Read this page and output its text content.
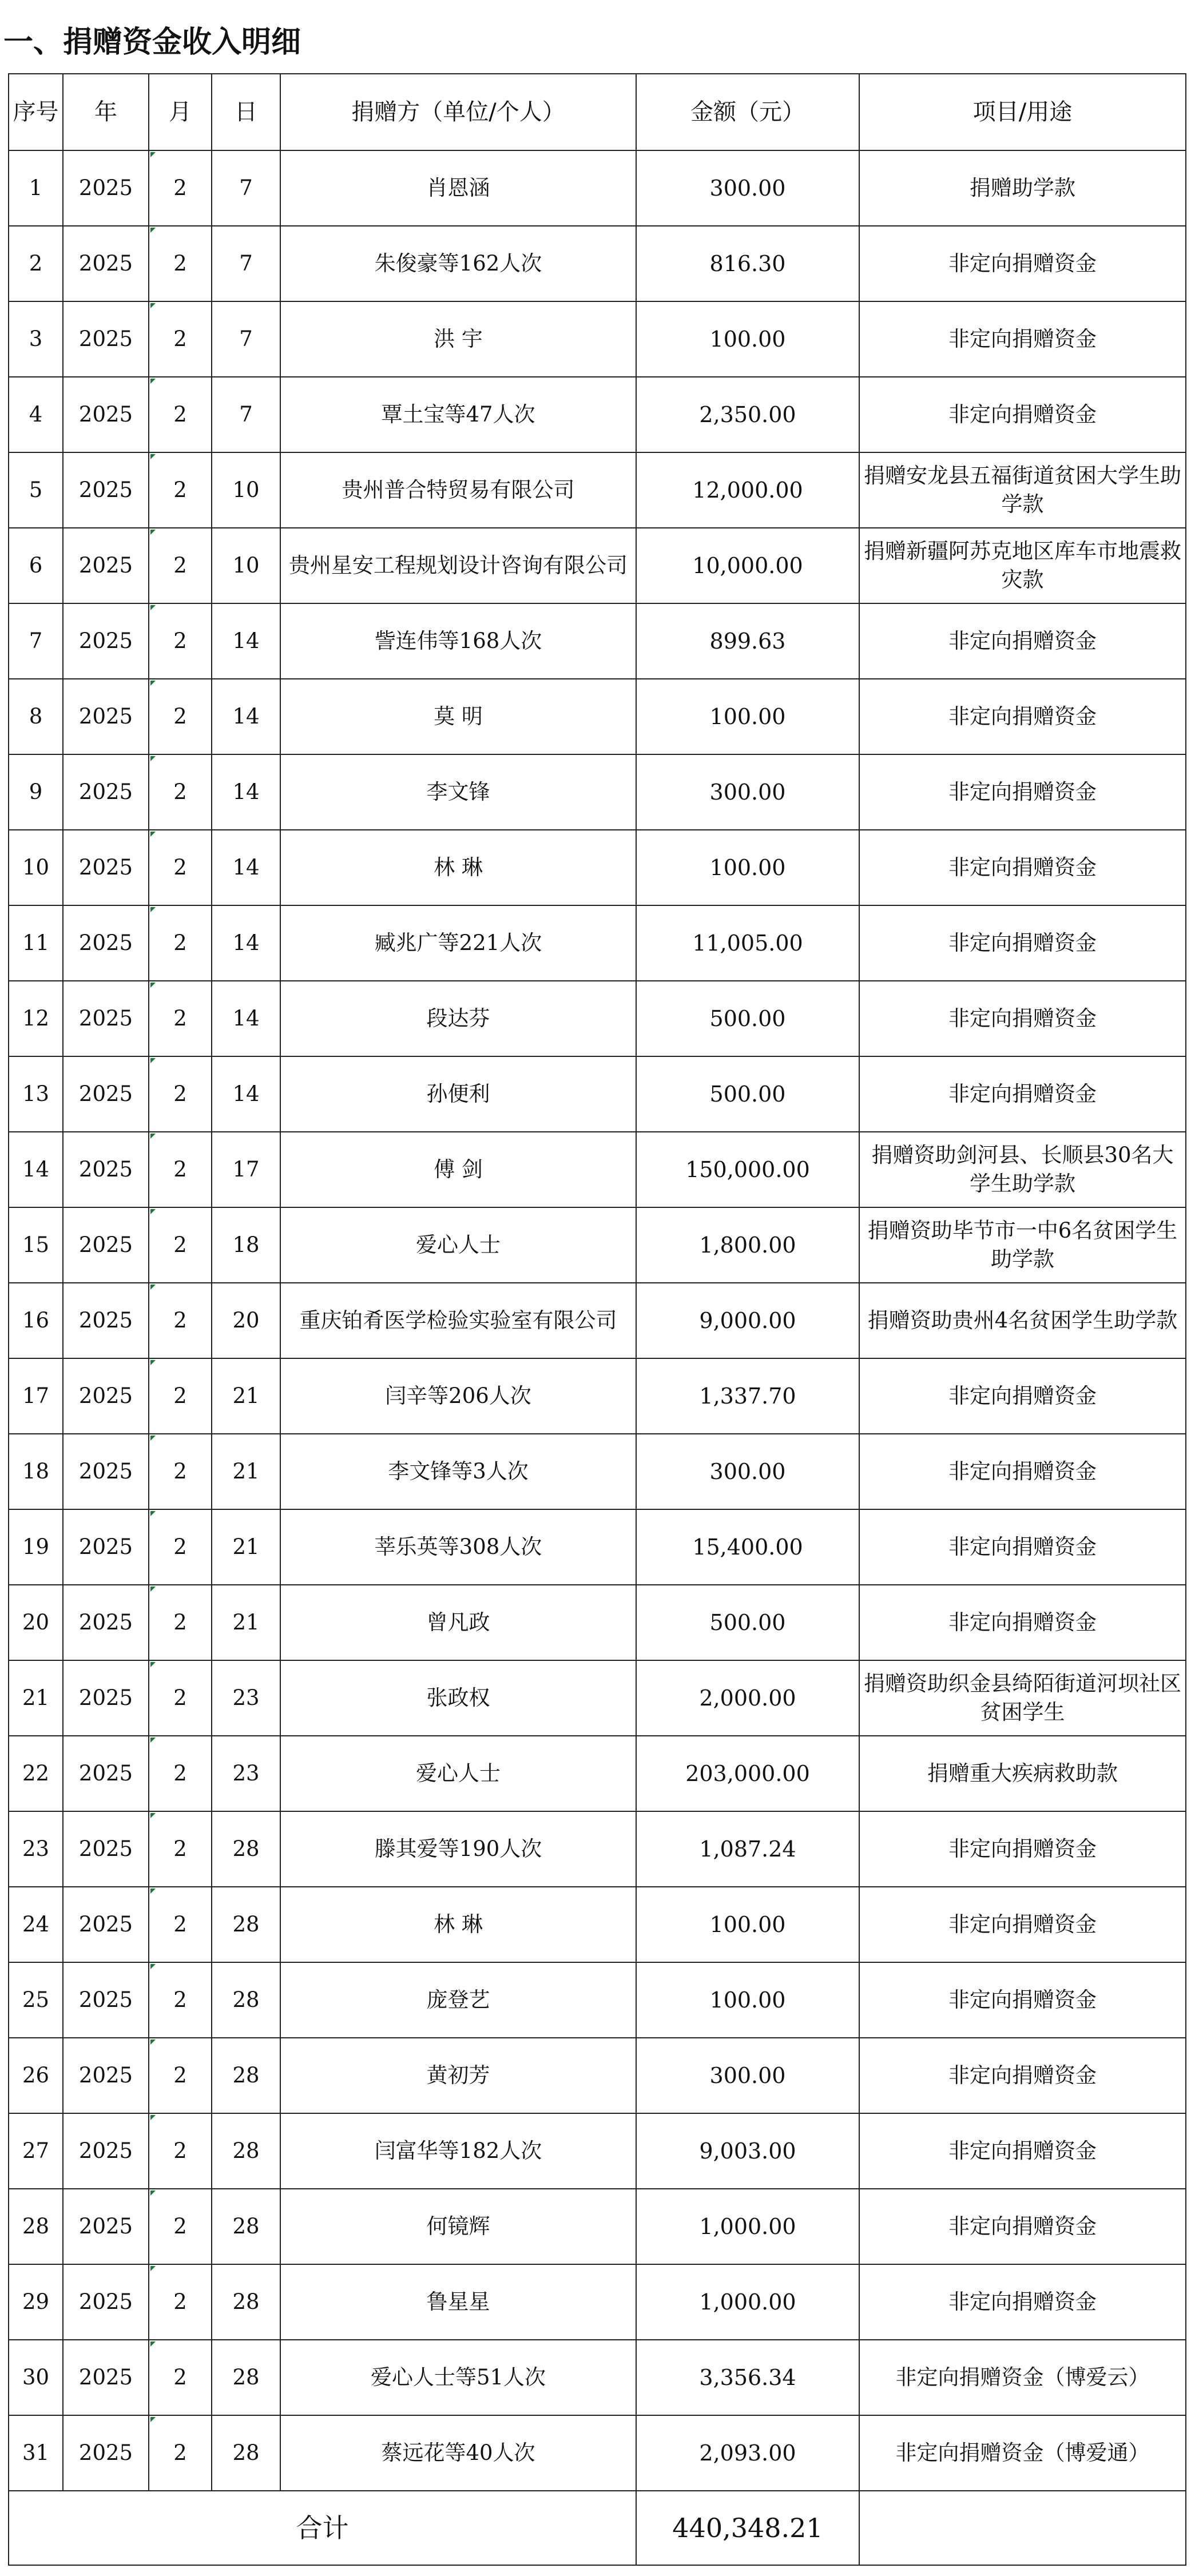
一、捐赠资金收入明细
序号	年	月	日	捐赠方（单位/个人）	金额（元）	项目/用途
1	2025	2	7	肖恩涵	300.00	捐赠助学款
2	2025	2	7	朱俊豪等162人次	816.30	非定向捐赠资金
3	2025	2	7	洪 宇	100.00	非定向捐赠资金
4	2025	2	7	覃土宝等47人次	2,350.00	非定向捐赠资金
5	2025	2	10	贵州普合特贸易有限公司	12,000.00	捐赠安龙县五福街道贫困大学生助学款
6	2025	2	10	贵州星安工程规划设计咨询有限公司	10,000.00	捐赠新疆阿苏克地区库车市地震救灾款
7	2025	2	14	訾连伟等168人次	899.63	非定向捐赠资金
8	2025	2	14	莫 明	100.00	非定向捐赠资金
9	2025	2	14	李文锋	300.00	非定向捐赠资金
10	2025	2	14	林 琳	100.00	非定向捐赠资金
11	2025	2	14	臧兆广等221人次	11,005.00	非定向捐赠资金
12	2025	2	14	段达芬	500.00	非定向捐赠资金
13	2025	2	14	孙便利	500.00	非定向捐赠资金
14	2025	2	17	傅 剑	150,000.00	捐赠资助剑河县、长顺县30名大学生助学款
15	2025	2	18	爱心人士	1,800.00	捐赠资助毕节市一中6名贫困学生助学款
16	2025	2	20	重庆铂肴医学检验实验室有限公司	9,000.00	捐赠资助贵州4名贫困学生助学款
17	2025	2	21	闫辛等206人次	1,337.70	非定向捐赠资金
18	2025	2	21	李文锋等3人次	300.00	非定向捐赠资金
19	2025	2	21	莘乐英等308人次	15,400.00	非定向捐赠资金
20	2025	2	21	曾凡政	500.00	非定向捐赠资金
21	2025	2	23	张政权	2,000.00	捐赠资助织金县绮陌街道河坝社区贫困学生
22	2025	2	23	爱心人士	203,000.00	捐赠重大疾病救助款
23	2025	2	28	滕其爱等190人次	1,087.24	非定向捐赠资金
24	2025	2	28	林 琳	100.00	非定向捐赠资金
25	2025	2	28	庞登艺	100.00	非定向捐赠资金
26	2025	2	28	黄初芳	300.00	非定向捐赠资金
27	2025	2	28	闫富华等182人次	9,003.00	非定向捐赠资金
28	2025	2	28	何镜辉	1,000.00	非定向捐赠资金
29	2025	2	28	鲁星星	1,000.00	非定向捐赠资金
30	2025	2	28	爱心人士等51人次	3,356.34	非定向捐赠资金（博爱云）
31	2025	2	28	蔡远花等40人次	2,093.00	非定向捐赠资金（博爱通）
合计					440,348.21	
